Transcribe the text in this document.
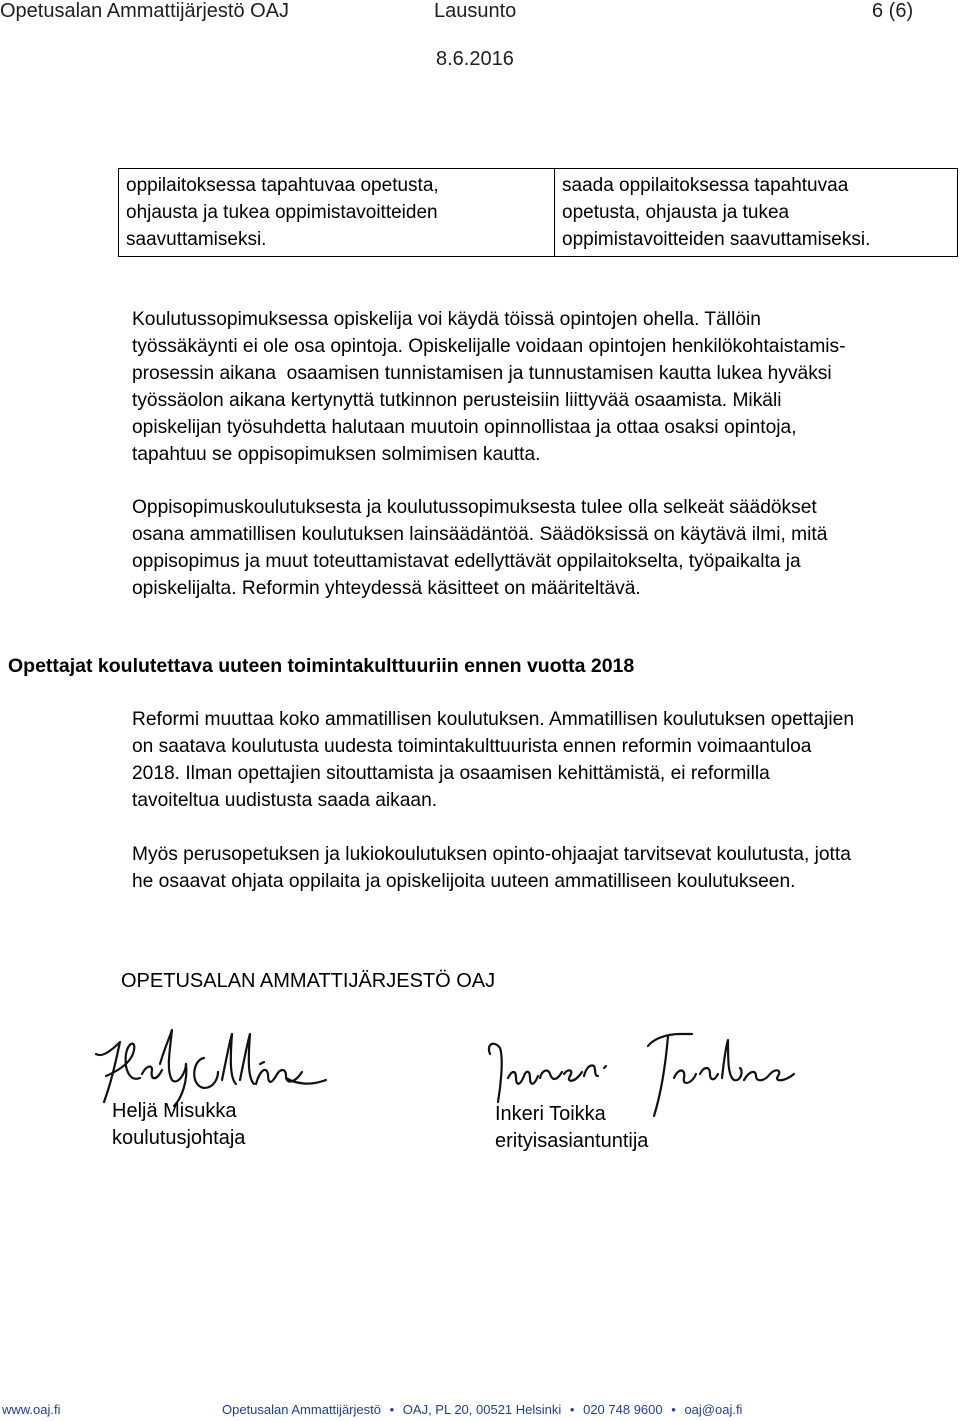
Opetusalan Ammattijärjestö OAJ	Lausunto	6 (6)
8.6.2016
oppilaitoksessa tapahtuvaa opetusta,
ohjausta ja tukea oppimistavoitteiden
saavuttamiseksi.

saada oppilaitoksessa tapahtuvaa
opetusta, ohjausta ja tukea
oppimistavoitteiden saavuttamiseksi.
Koulutussopimuksessa opiskelija voi käydä töissä opintojen ohella. Tällöin
työssäkäynti ei ole osa opintoja. Opiskelijalle voidaan opintojen henkilökohtaistamis-
prosessin aikana  osaamisen tunnistamisen ja tunnustamisen kautta lukea hyväksi
työssäolon aikana kertynyttä tutkinnon perusteisiin liittyvää osaamista. Mikäli
opiskelijan työsuhdetta halutaan muutoin opinnollistaa ja ottaa osaksi opintoja,
tapahtuu se oppisopimuksen solmimisen kautta.
Oppisopimuskoulutuksesta ja koulutussopimuksesta tulee olla selkeät säädökset
osana ammatillisen koulutuksen lainsäädäntöä. Säädöksissä on käytävä ilmi, mitä
oppisopimus ja muut toteuttamistavat edellyttävät oppilaitokselta, työpaikalta ja
opiskelijalta. Reformin yhteydessä käsitteet on määriteltävä.
Opettajat koulutettava uuteen toimintakulttuuriin ennen vuotta 2018
Reformi muuttaa koko ammatillisen koulutuksen. Ammatillisen koulutuksen opettajien
on saatava koulutusta uudesta toimintakulttuurista ennen reformin voimaantuloa
2018. Ilman opettajien sitouttamista ja osaamisen kehittämistä, ei reformilla
tavoiteltua uudistusta saada aikaan.
Myös perusopetuksen ja lukiokoulutuksen opinto-ohjaajat tarvitsevat koulutusta, jotta
he osaavat ohjata oppilaita ja opiskelijoita uuteen ammatilliseen koulutukseen.
OPETUSALAN AMMATTIJÄRJESTÖ OAJ
Heljä Misukka
koulutusjohtaja
Inkeri Toikka
erityisasiantuntija
www.oaj.fi	Opetusalan Ammattijärjestö • OAJ, PL 20, 00521 Helsinki • 020 748 9600 • oaj@oaj.fi
